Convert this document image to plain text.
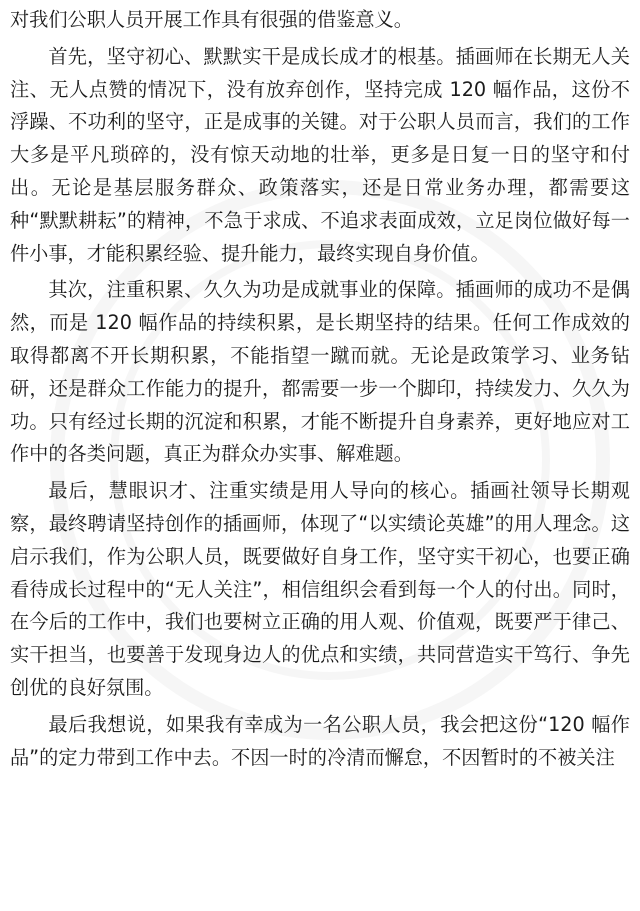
对我们公职人员开展工作具有很强的借鉴意义。

首先，坚守初心、默默实干是成长成才的根基。插画师在长期无人关注、无人点赞的情况下，没有放弃创作，坚持完成 120 幅作品，这份不浮躁、不功利的坚守，正是成事的关键。对于公职人员而言，我们的工作大多是平凡琐碎的，没有惊天动地的壮举，更多是日复一日的坚守和付出。无论是基层服务群众、政策落实，还是日常业务办理，都需要这种“默默耕耘”的精神，不急于求成、不追求表面成效，立足岗位做好每一件小事，才能积累经验、提升能力，最终实现自身价值。

其次，注重积累、久久为功是成就事业的保障。插画师的成功不是偶然，而是 120 幅作品的持续积累，是长期坚持的结果。任何工作成效的取得都离不开长期积累，不能指望一蹴而就。无论是政策学习、业务钻研，还是群众工作能力的提升，都需要一步一个脚印，持续发力、久久为功。只有经过长期的沉淀和积累，才能不断提升自身素养，更好地应对工作中的各类问题，真正为群众办实事、解难题。

最后，慧眼识才、注重实绩是用人导向的核心。插画社领导长期观察，最终聘请坚持创作的插画师，体现了“以实绩论英雄”的用人理念。这启示我们，作为公职人员，既要做好自身工作，坚守实干初心，也要正确看待成长过程中的“无人关注”，相信组织会看到每一个人的付出。同时，在今后的工作中，我们也要树立正确的用人观、价值观，既要严于律己、实干担当，也要善于发现身边人的优点和实绩，共同营造实干笃行、争先创优的良好氛围。

最后我想说，如果我有幸成为一名公职人员，我会把这份“120 幅作品”的定力带到工作中去。不因一时的冷清而懈怠，不因暂时的不被关注
